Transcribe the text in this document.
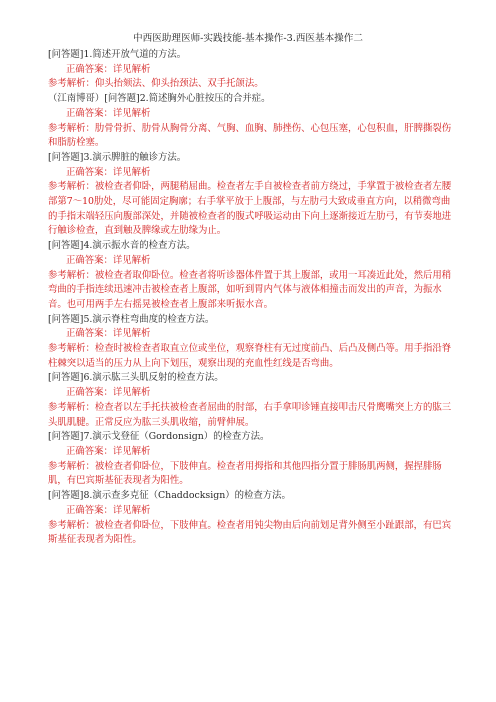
中西医助理医师-实践技能-基本操作-3.西医基本操作二

[问答题]1.简述开放气道的方法。

正确答案：详见解析

参考解析：仰头抬颏法、仰头抬颈法、双手托颌法。

（江南博哥）[问答题]2.简述胸外心脏按压的合并症。

正确答案：详见解析

参考解析：肋骨骨折、肋骨从胸骨分离、气胸、血胸、肺挫伤、心包压塞，心包积血，肝脾撕裂伤和脂肪栓塞。

[问答题]3.演示脾脏的触诊方法。

正确答案：详见解析

参考解析：被检查者仰卧，两腿稍屈曲。检查者左手自被检查者前方绕过，手掌置于被检查者左腰部第7～10肋处，尽可能固定胸廓；右手掌平放于上腹部，与左肋弓大致成垂直方向，以稍微弯曲的手指末端轻压向腹部深处，并随被检查者的腹式呼吸运动由下向上逐渐接近左肋弓，有节奏地进行触诊检查，直到触及脾缘或左肋缘为止。

[问答题]4.演示振水音的检查方法。

正确答案：详见解析

参考解析：被检查者取仰卧位。检查者将听诊器体件置于其上腹部，或用一耳凑近此处，然后用稍弯曲的手指连续迅速冲击被检查者上腹部，如听到胃内气体与液体相撞击而发出的声音，为振水音。也可用两手左右摇晃被检查者上腹部来听振水音。

[问答题]5.演示脊柱弯曲度的检查方法。

正确答案：详见解析

参考解析：检查时被检查者取直立位或坐位，观察脊柱有无过度前凸、后凸及侧凸等。用手指沿脊柱棘突以适当的压力从上向下划压，观察出现的充血性红线是否弯曲。

[问答题]6.演示肱三头肌反射的检查方法。

正确答案：详见解析

参考解析：检查者以左手托扶被检查者屈曲的肘部，右手拿叩诊锤直接叩击尺骨鹰嘴突上方的肱三头肌肌腱。正常反应为肱三头肌收缩，前臂伸展。

[问答题]7.演示戈登征（Gordonsign）的检查方法。

正确答案：详见解析

参考解析：被检查者仰卧位，下肢伸直。检查者用拇指和其他四指分置于腓肠肌两侧，握捏腓肠肌，有巴宾斯基征表现者为阳性。

[问答题]8.演示查多克征（Chaddocksign）的检查方法。

正确答案：详见解析

参考解析：被检查者仰卧位，下肢伸直。检查者用钝尖物由后向前划足背外侧至小趾跟部，有巴宾斯基征表现者为阳性。
